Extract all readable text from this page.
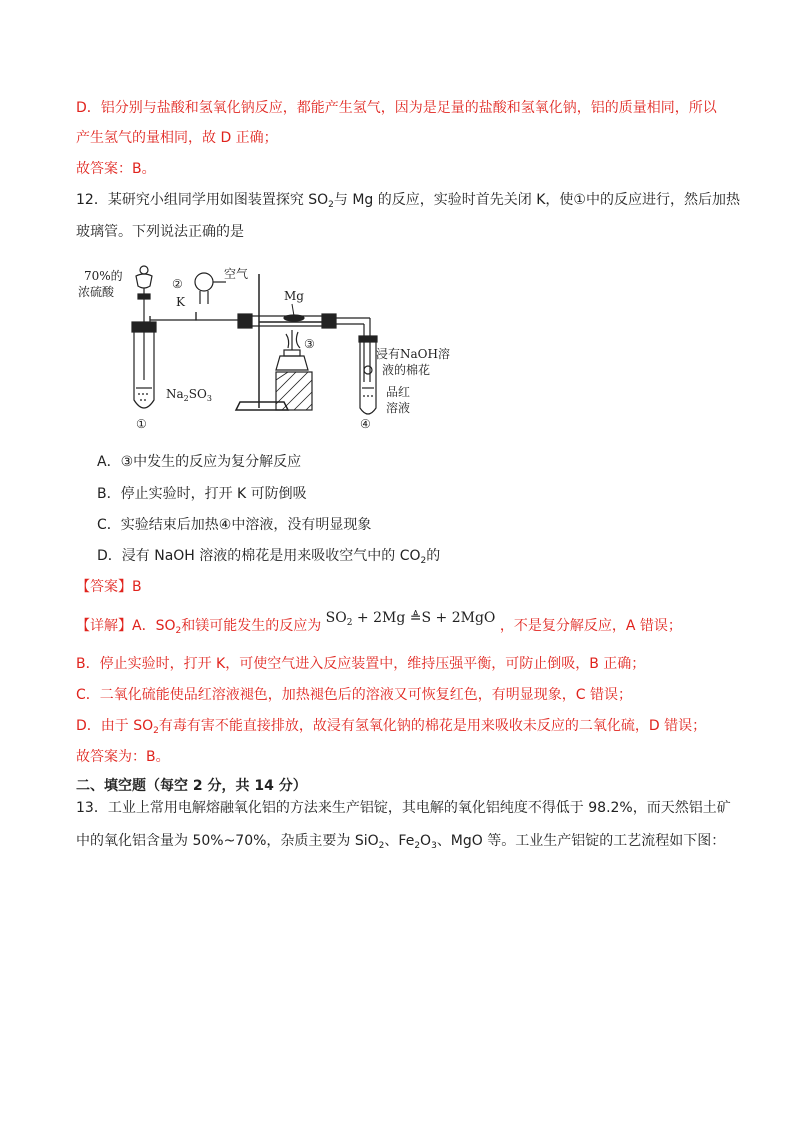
D．铝分别与盐酸和氢氧化钠反应，都能产生氢气，因为是足量的盐酸和氢氧化钠，铝的质量相同，所以
产生氢气的量相同，故 D 正确；
故答案：B。
12．某研究小组同学用如图装置探究 $SO_2$与 Mg 的反应，实验时首先关闭 K，使①中的反应进行，然后加热
玻璃管。下列说法正确的是
70%的
浓硫酸
$Na_2SO_3$
①
②
空气
K	Mg
③
浸有NaOH溶
液的棉花
品红
溶液
④
A．③中发生的反应为复分解反应
B．停止实验时，打开 K 可防倒吸
C．实验结束后加热④中溶液，没有明显现象
D．浸有 NaOH 溶液的棉花是用来吸收空气中的 $CO_2$的
【答案】B
【详解】A．$SO_2$和镁可能发生的反应为 $SO_2 + 2Mg$ ≜S + 2MgO ，不是复分解反应，A 错误；
B．停止实验时，打开 K，可使空气进入反应装置中，维持压强平衡，可防止倒吸，B 正确；
C．二氧化硫能使品红溶液褪色，加热褪色后的溶液又可恢复红色，有明显现象，C 错误；
D．由于 $SO_2$有毒有害不能直接排放，故浸有氢氧化钠的棉花是用来吸收未反应的二氧化硫，D 错误；
故答案为：B。
二、填空题（每空 2 分，共 14 分）
13．工业上常用电解熔融氧化铝的方法来生产铝锭，其电解的氧化铝纯度不得低于 98.2%，而天然铝土矿
中的氧化铝含量为 50%~70%，杂质主要为 SiO$_2$、$Fe_2O_3$、MgO 等。工业生产铝锭的工艺流程如下图：
